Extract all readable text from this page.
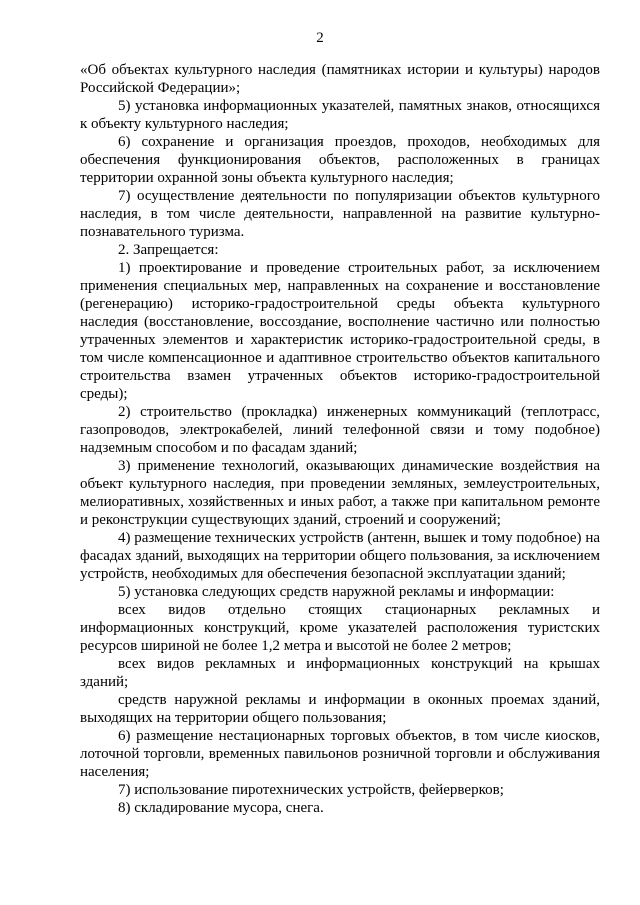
2

«Об объектах культурного наследия (памятниках истории и культуры) народов Российской Федерации»;

5) установка информационных указателей, памятных знаков, относящихся к объекту культурного наследия;

6) сохранение и организация проездов, проходов, необходимых для обеспечения функционирования объектов, расположенных в границах территории охранной зоны объекта культурного наследия;

7) осуществление деятельности по популяризации объектов культурного наследия, в том числе деятельности, направленной на развитие культурно-познавательного туризма.

2. Запрещается:

1) проектирование и проведение строительных работ, за исключением применения специальных мер, направленных на сохранение и восстановление (регенерацию) историко-градостроительной среды объекта культурного наследия (восстановление, воссоздание, восполнение частично или полностью утраченных элементов и характеристик историко-градостроительной среды, в том числе компенсационное и адаптивное строительство объектов капитального строительства взамен утраченных объектов историко-градостроительной среды);

2) строительство (прокладка) инженерных коммуникаций (теплотрасс, газопроводов, электрокабелей, линий телефонной связи и тому подобное) надземным способом и по фасадам зданий;

3) применение технологий, оказывающих динамические воздействия на объект культурного наследия, при проведении земляных, землеустроительных, мелиоративных, хозяйственных и иных работ, а также при капитальном ремонте и реконструкции существующих зданий, строений и сооружений;

4) размещение технических устройств (антенн, вышек и тому подобное) на фасадах зданий, выходящих на территории общего пользования, за исключением устройств, необходимых для обеспечения безопасной эксплуатации зданий;

5) установка следующих средств наружной рекламы и информации:

всех видов отдельно стоящих стационарных рекламных и информационных конструкций, кроме указателей расположения туристских ресурсов шириной не более 1,2 метра и высотой не более 2 метров;

всех видов рекламных и информационных конструкций на крышах зданий;

средств наружной рекламы и информации в оконных проемах зданий, выходящих на территории общего пользования;

6) размещение нестационарных торговых объектов, в том числе киосков, лоточной торговли, временных павильонов розничной торговли и обслуживания населения;

7) использование пиротехнических устройств, фейерверков;

8) складирование мусора, снега.
